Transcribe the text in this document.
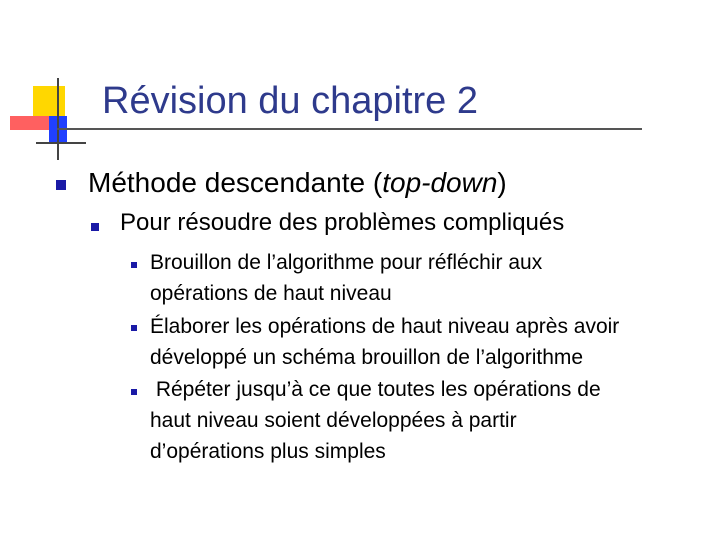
Révision du chapitre 2
Méthode descendante (top-down)
Pour résoudre des problèmes compliqués
Brouillon de l’algorithme pour réfléchir aux
opérations de haut niveau
Élaborer les opérations de haut niveau après avoir
développé un schéma brouillon de l’algorithme
Répéter jusqu’à ce que toutes les opérations de
haut niveau soient développées à partir
d’opérations plus simples
